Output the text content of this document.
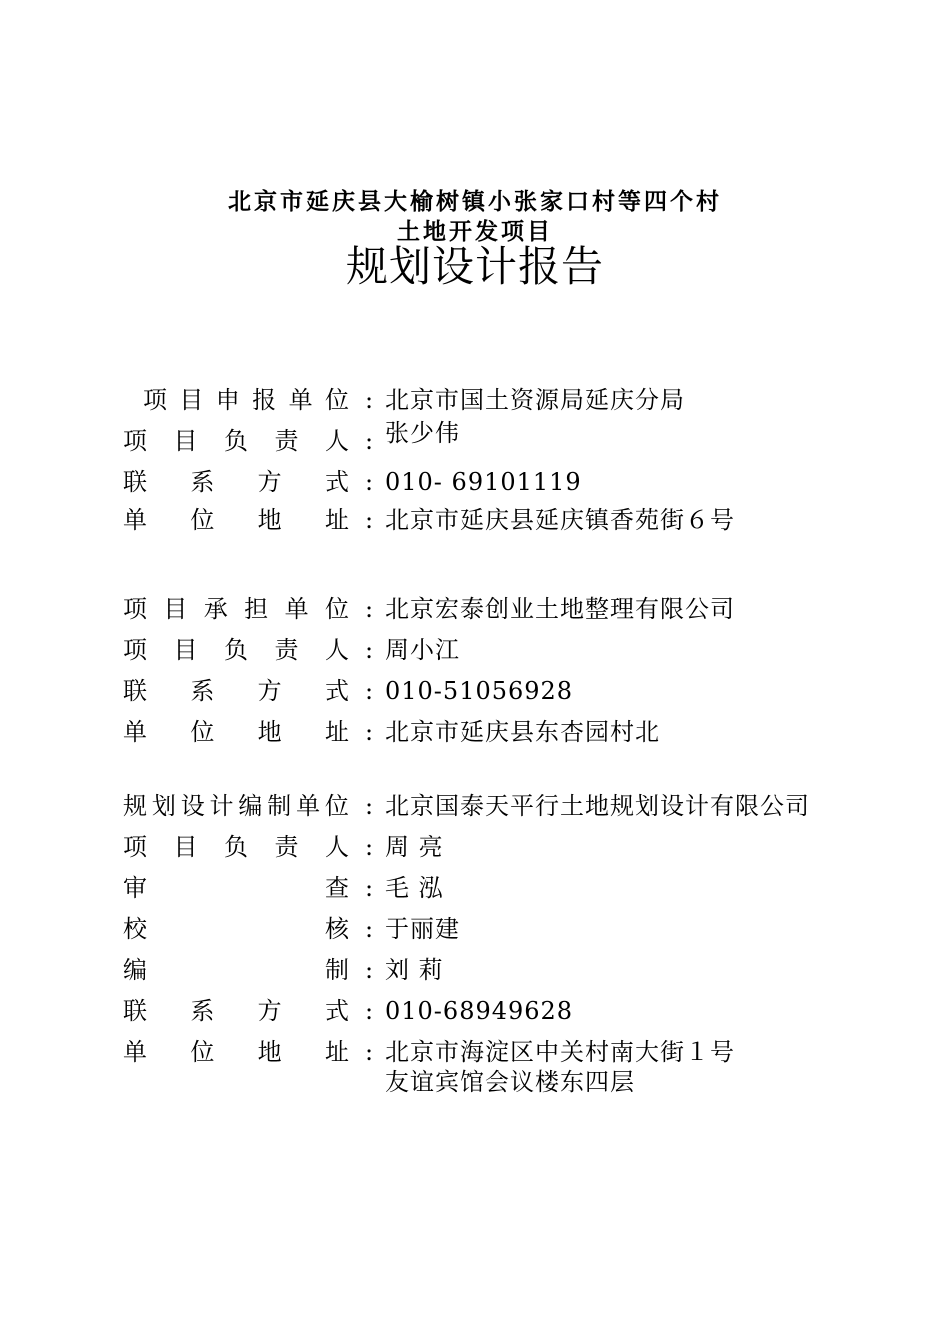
北京市延庆县大榆树镇小张家口村等四个村
土地开发项目
规划设计报告
项 目 申 报 单 位 : 北京市国土资源局延庆分局
项 目 负 责 人 : 张少伟
联 系 方 式 : 010- 69101119
单 位 地 址 : 北京市延庆县延庆镇香苑街６号
项 目 承 担 单 位 : 北京宏泰创业土地整理有限公司
项 目 负 责 人 : 周小江
联 系 方 式 : 010-51056928
单 位 地 址 : 北京市延庆县东杏园村北
规 划 设 计 编 制 单 位 : 北京国泰天平行土地规划设计有限公司
项 目 负 责 人 : 周 亮
审	查 : 毛 泓
校	核 : 于丽建
编	制 : 刘 莉
联 系 方 式 : 010-68949628
单 位 地 址 : 北京市海淀区中关村南大街１号
友谊宾馆会议楼东四层
